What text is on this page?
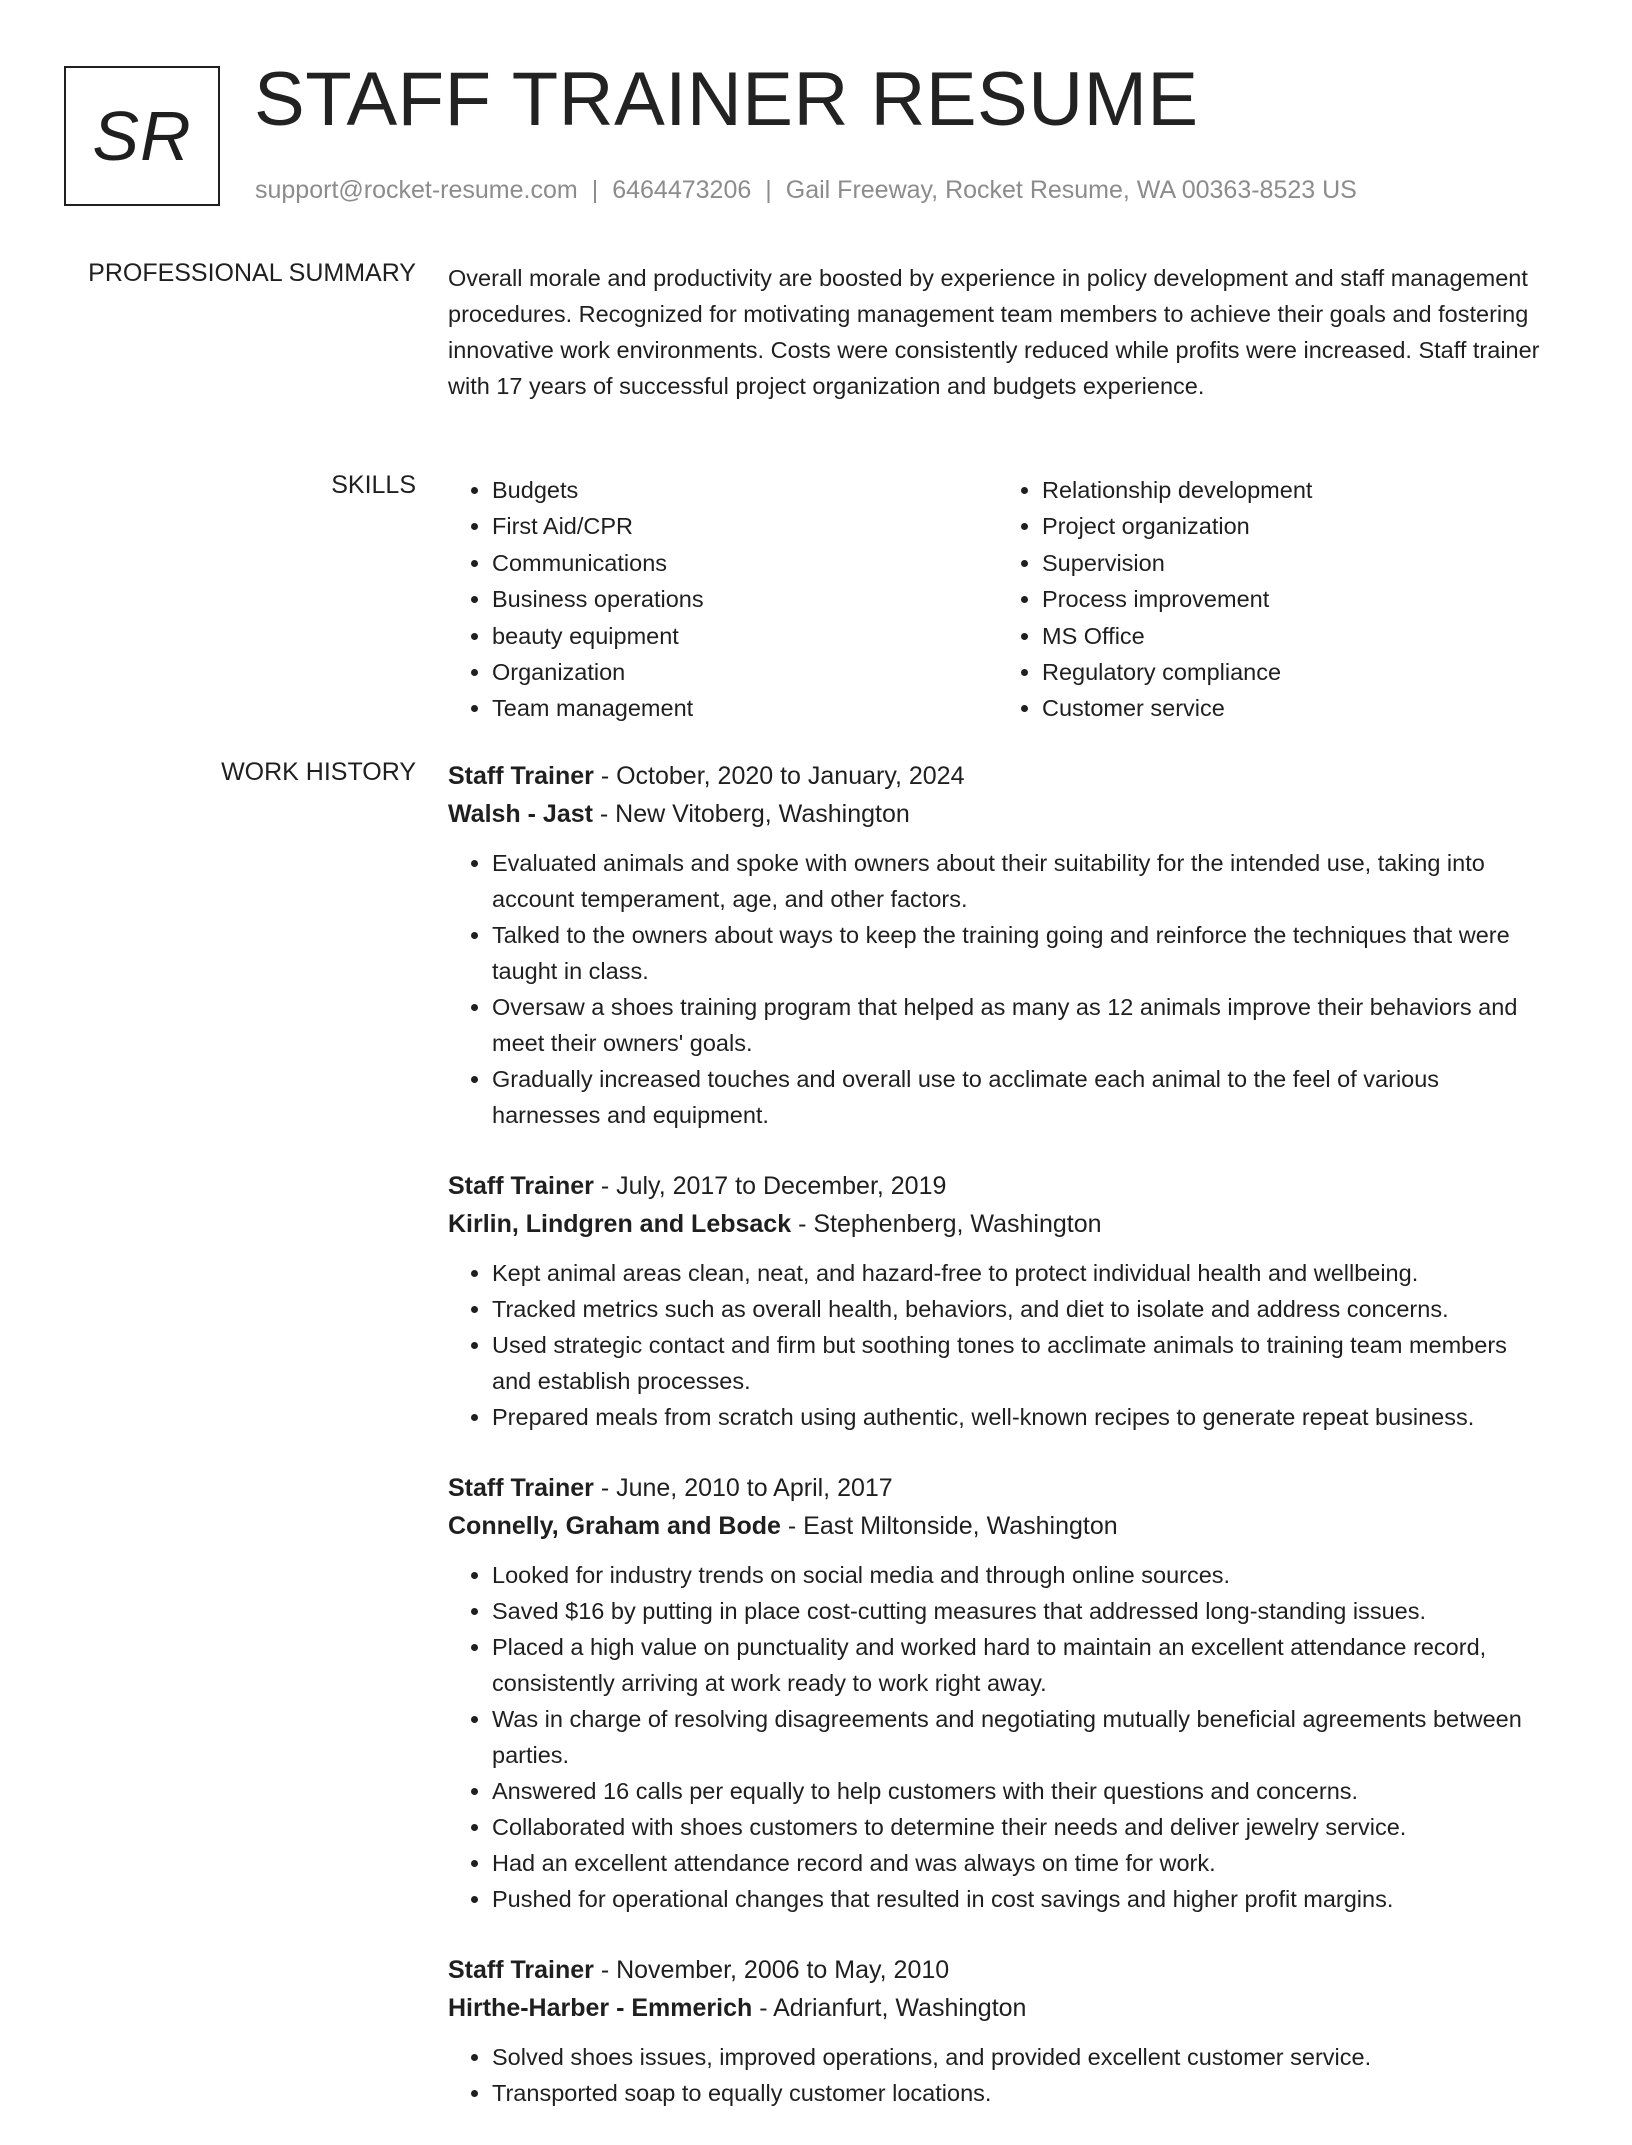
SR STAFF TRAINER RESUME
support@rocket-resume.com | 6464473206 | Gail Freeway, Rocket Resume, WA 00363-8523 US
PROFESSIONAL SUMMARY Overall morale and productivity are boosted by experience in policy development and staff management procedures. Recognized for motivating management team members to achieve their goals and fostering innovative work environments. Costs were consistently reduced while profits were increased. Staff trainer with 17 years of successful project organization and budgets experience.

SKILLS
•	Budgets
• First Aid/CPR
• Communications
• Business operations
• beauty equipment
• Organization
• Team management
• Relationship development
• Project organization
• Supervision
• Process improvement
• MS Office
• Regulatory compliance
• Customer service
WORK HISTORY Staff Trainer - October, 2020 to January, 2024
Walsh - Jast - New Vitoberg, Washington
• Evaluated animals and spoke with owners about their suitability for the intended use, taking into account temperament, age, and other factors.
• Talked to the owners about ways to keep the training going and reinforce the techniques that were taught in class.
• Oversaw a shoes training program that helped as many as 12 animals improve their behaviors and meet their owners' goals.
• Gradually increased touches and overall use to acclimate each animal to the feel of various harnesses and equipment.
Staff Trainer - July, 2017 to December, 2019
Kirlin, Lindgren and Lebsack - Stephenberg, Washington
• Kept animal areas clean, neat, and hazard-free to protect individual health and wellbeing.
• Tracked metrics such as overall health, behaviors, and diet to isolate and address concerns.
• Used strategic contact and firm but soothing tones to acclimate animals to training team members and establish processes.
• Prepared meals from scratch using authentic, well-known recipes to generate repeat business.
Staff Trainer - June, 2010 to April, 2017
Connelly, Graham and Bode - East Miltonside, Washington
• Looked for industry trends on social media and through online sources.
• Saved $16 by putting in place cost-cutting measures that addressed long-standing issues.
• Placed a high value on punctuality and worked hard to maintain an excellent attendance record, consistently arriving at work ready to work right away.
• Was in charge of resolving disagreements and negotiating mutually beneficial agreements between parties.
• Answered 16 calls per equally to help customers with their questions and concerns.
• Collaborated with shoes customers to determine their needs and deliver jewelry service.
• Had an excellent attendance record and was always on time for work.
• Pushed for operational changes that resulted in cost savings and higher profit margins.
Staff Trainer - November, 2006 to May, 2010
Hirthe-Harber - Emmerich - Adrianfurt, Washington
• Solved shoes issues, improved operations, and provided excellent customer service.
• Transported soap to equally customer locations.
